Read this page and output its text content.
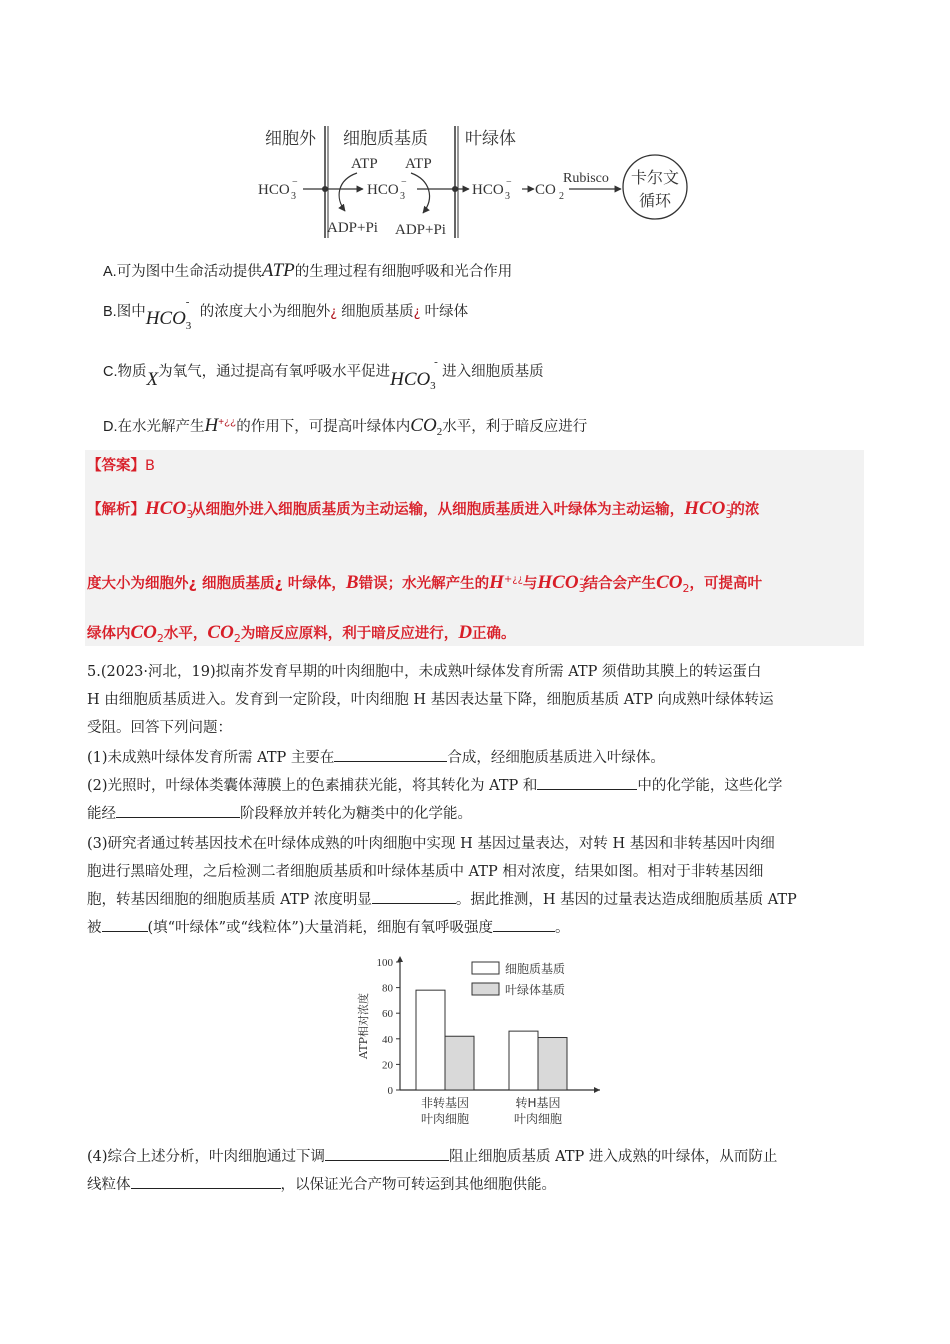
细胞外 细胞质基质 叶绿体
ATP ATP
HCO 3
−	HCO 3
−	HCO 3
− CO 2
Rubisco
ADP+Pi ADP+Pi
卡尔文
循环
A.可为图中生命活动提供ATP的生理过程有细胞呼吸和光合作用
B.图中 HCO
-
3
的浓度大小为细胞外¿ 细胞质基质¿ 叶绿体
C.物质X为氧气，通过提高有氧呼吸水平促进 HCO 3
-
进入细胞质基质
D.在水光解产生H+¿¿的作用下，可提高叶绿体内$CO_2$水平，利于暗反应进行
【答案】B
【解析】$HCO_3^-$从细胞外进入细胞质基质为主动运输，从细胞质基质进入叶绿体为主动运输，$HCO_3^-$的浓
度大小为细胞外¿ 细胞质基质¿ 叶绿体，B错误；水光解产生的H+¿¿与$HCO_3^-$结合会产生$CO_2$，可提高叶
绿体内$CO_2$水平，$CO_2$为暗反应原料，利于暗反应进行，D正确。
5.(2023·河北，19)拟南芥发育早期的叶肉细胞中，未成熟叶绿体发育所需 ATP 须借助其膜上的转运蛋白
H 由细胞质基质进入。发育到一定阶段，叶肉细胞 H 基因表达量下降，细胞质基质 ATP 向成熟叶绿体转运
受阻。回答下列问题：
(1)未成熟叶绿体发育所需 ATP 主要在	合成，经细胞质基质进入叶绿体。
(2)光照时，叶绿体类囊体薄膜上的色素捕获光能，将其转化为 ATP 和	中的化学能，这些化学
能经	阶段释放并转化为糖类中的化学能。
(3)研究者通过转基因技术在叶绿体成熟的叶肉细胞中实现 H 基因过量表达，对转 H 基因和非转基因叶肉细
胞进行黑暗处理，之后检测二者细胞质基质和叶绿体基质中 ATP 相对浓度，结果如图。相对于非转基因细
胞，转基因细胞的细胞质基质 ATP 浓度明显	。据此推测，H 基因的过量表达造成细胞质基质 ATP
被	(填“叶绿体”或“线粒体”)大量消耗，细胞有氧呼吸强度	。
0
20
40
60
80
100
ATP相对浓度
非转基因
叶肉细胞
转H基因
叶肉细胞
细胞质基质
叶绿体基质
(4)综合上述分析，叶肉细胞通过下调	阻止细胞质基质 ATP 进入成熟的叶绿体，从而防止
线粒体	，以保证光合产物可转运到其他细胞供能。
